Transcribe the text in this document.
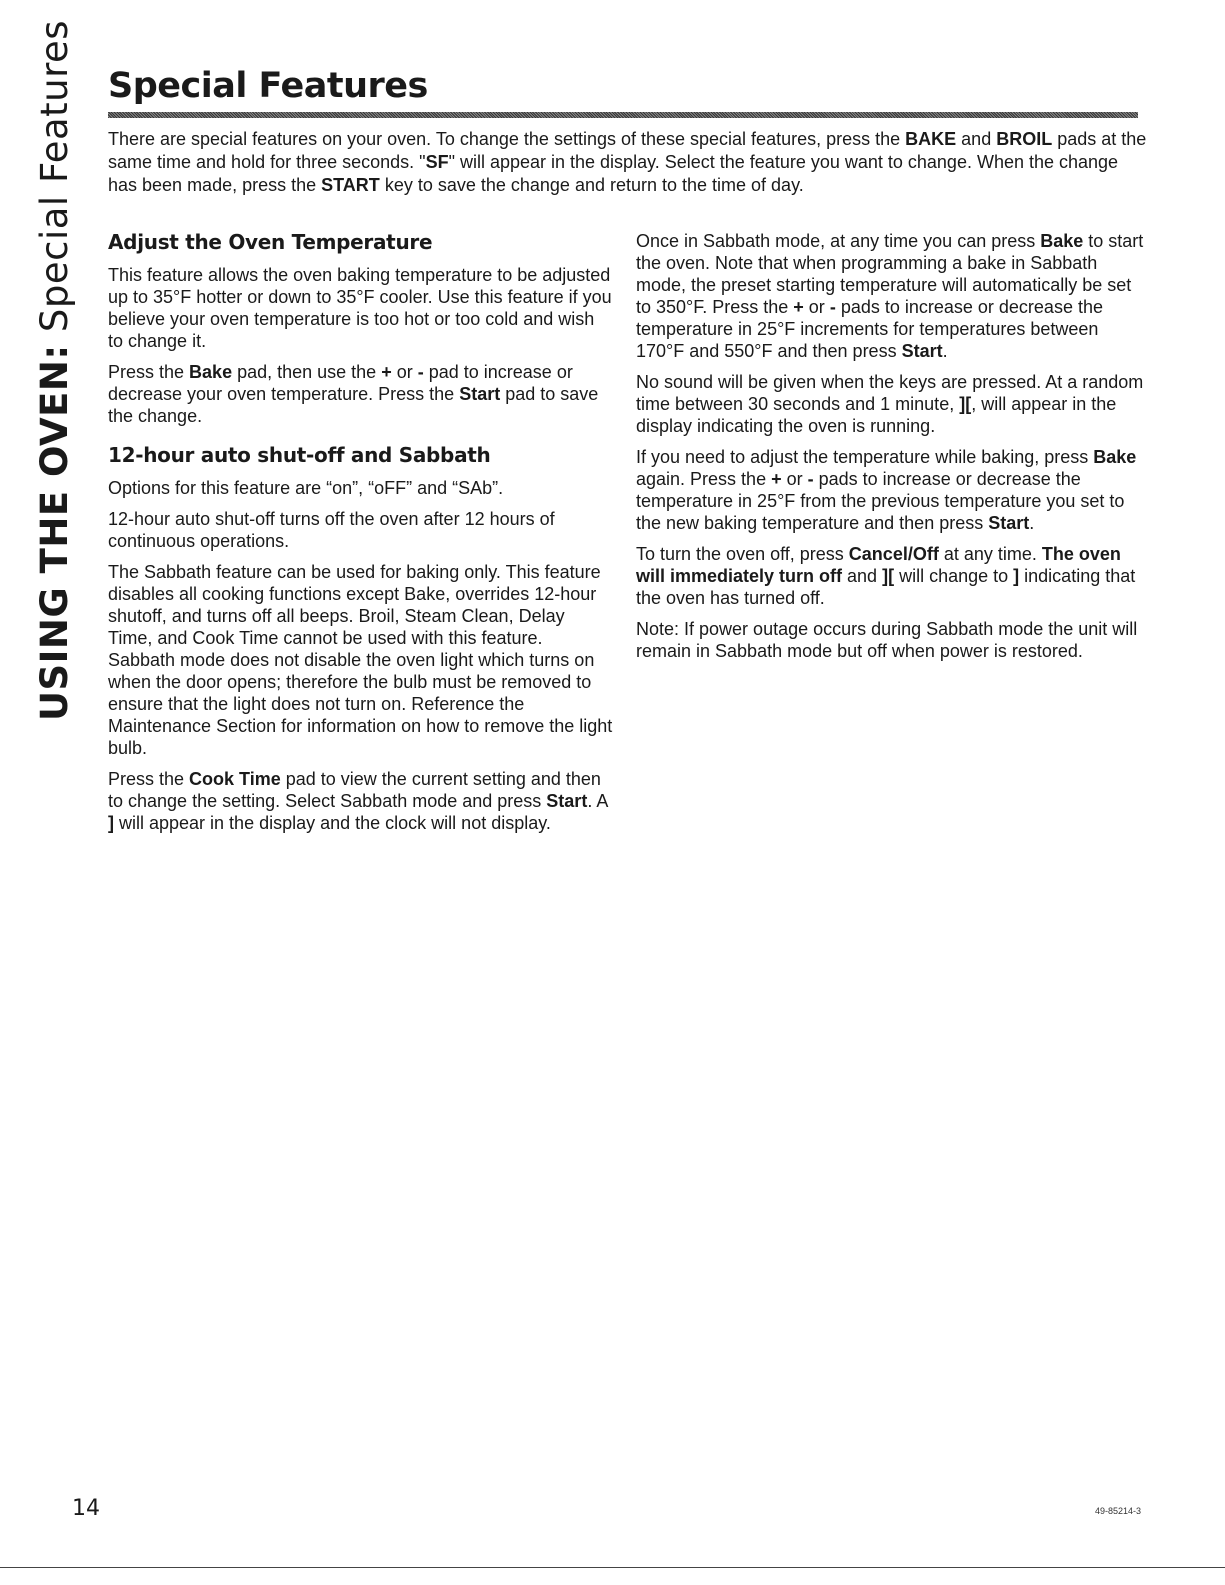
USING THE OVEN: Special Features Special Features

There are special features on your oven. To change the settings of these special features, press the BAKE and BROIL pads at the same time and hold for three seconds. "SF" will appear in the display. Select the feature you want to change. When the change has been made, press the START key to save the change and return to the time of day.

Adjust the Oven Temperature

This feature allows the oven baking temperature to be adjusted up to 35°F hotter or down to 35°F cooler. Use this feature if you believe your oven temperature is too hot or too cold and wish to change it.

Press the Bake pad, then use the + or - pad to increase or decrease your oven temperature. Press the Start pad to save the change.

12-hour auto shut-off and Sabbath

Options for this feature are “on”, “oFF” and “SAb”.

12-hour auto shut-off turns off the oven after 12 hours of continuous operations.

The Sabbath feature can be used for baking only. This feature disables all cooking functions except Bake, overrides 12-hour shutoff, and turns off all beeps. Broil, Steam Clean, Delay Time, and Cook Time cannot be used with this feature. Sabbath mode does not disable the oven light which turns on when the door opens; therefore the bulb must be removed to ensure that the light does not turn on. Reference the Maintenance Section for information on how to remove the light bulb.

Press the Cook Time pad to view the current setting and then to change the setting. Select Sabbath mode and press Start. A ] will appear in the display and the clock will not display.

Once in Sabbath mode, at any time you can press Bake to start the oven. Note that when programming a bake in Sabbath mode, the preset starting temperature will automatically be set to 350°F. Press the + or - pads to increase or decrease the temperature in 25°F increments for temperatures between 170°F and 550°F and then press Start.

No sound will be given when the keys are pressed. At a random time between 30 seconds and 1 minute, ][, will appear in the display indicating the oven is running.

If you need to adjust the temperature while baking, press Bake again. Press the + or - pads to increase or decrease the temperature in 25°F from the previous temperature you set to the new baking temperature and then press Start.

To turn the oven off, press Cancel/Off at any time. The oven will immediately turn off and ][ will change to ] indicating that the oven has turned off.

Note: If power outage occurs during Sabbath mode the unit will remain in Sabbath mode but off when power is restored.

14	49-85214-3
